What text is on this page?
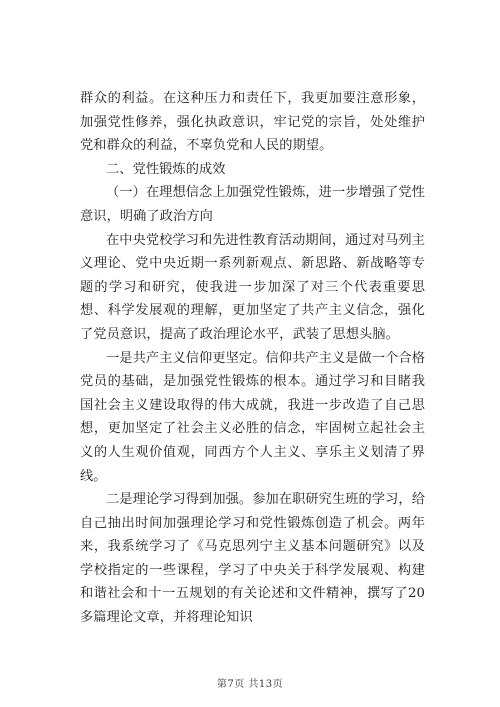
群众的利益。在这种压力和责任下，我更加要注意形象，加强党性修养，强化执政意识，牢记党的宗旨，处处维护党和群众的利益，不辜负党和人民的期望。

二、党性锻炼的成效

（一）在理想信念上加强党性锻炼，进一步增强了党性意识，明确了政治方向

在中央党校学习和先进性教育活动期间，通过对马列主义理论、党中央近期一系列新观点、新思路、新战略等专题的学习和研究，使我进一步加深了对三个代表重要思想、科学发展观的理解，更加坚定了共产主义信念，强化了党员意识，提高了政治理论水平，武装了思想头脑。

一是共产主义信仰更坚定。信仰共产主义是做一个合格党员的基础，是加强党性锻炼的根本。通过学习和目睹我国社会主义建设取得的伟大成就，我进一步改造了自己思想，更加坚定了社会主义必胜的信念，牢固树立起社会主义的人生观价值观，同西方个人主义、享乐主义划清了界线。

二是理论学习得到加强。参加在职研究生班的学习，给自己抽出时间加强理论学习和党性锻炼创造了机会。两年来，我系统学习了《马克思列宁主义基本问题研究》以及学校指定的一些课程，学习了中央关于科学发展观、构建和谐社会和十一五规划的有关论述和文件精神，撰写了20多篇理论文章，并将理论知识

第7页 共13页
